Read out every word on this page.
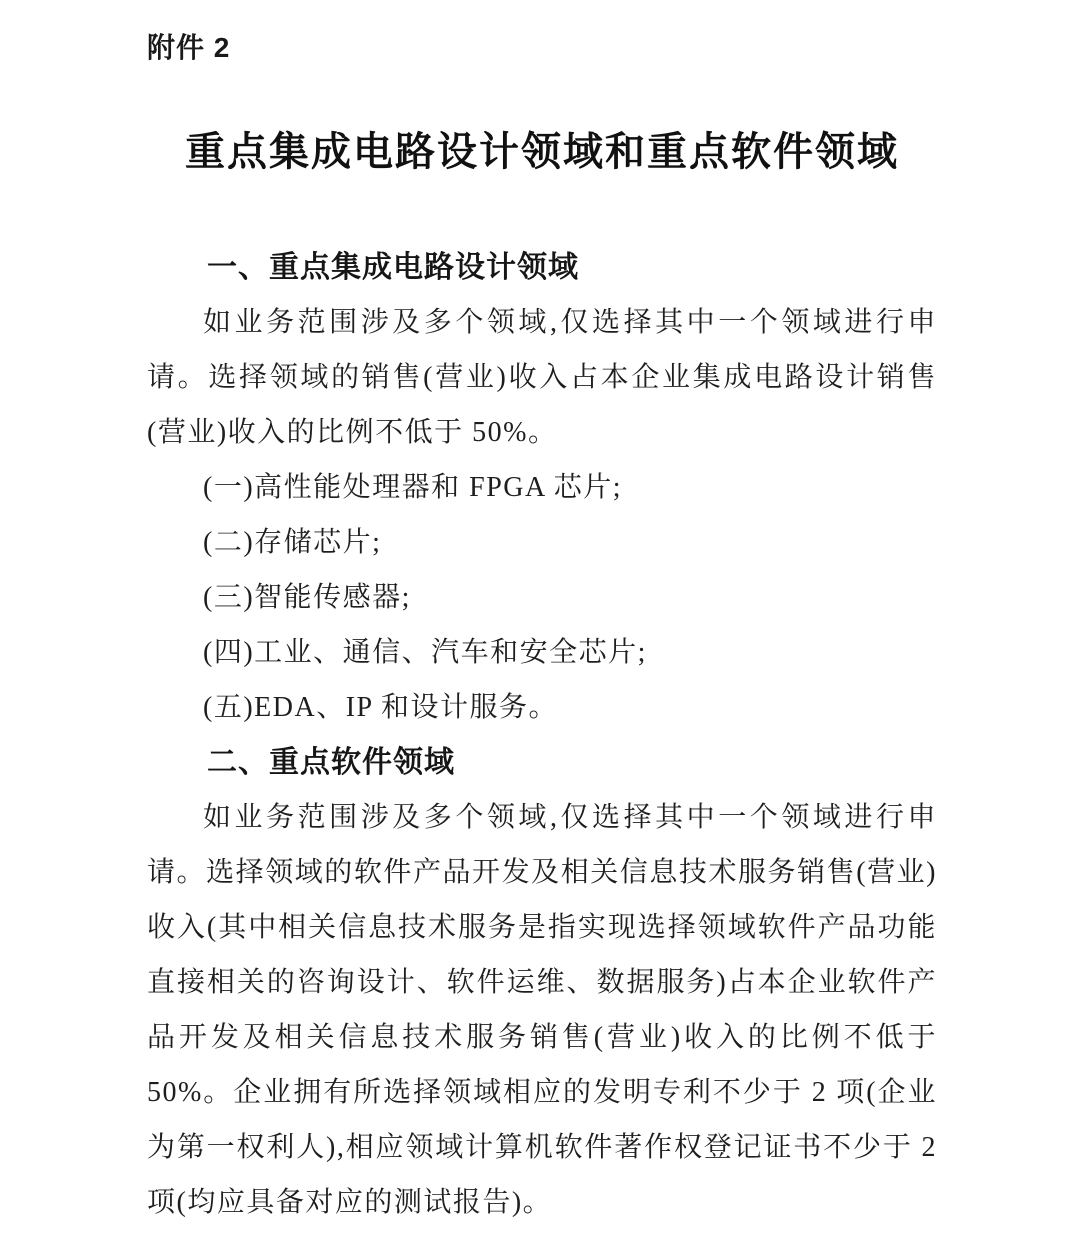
附件 2
重点集成电路设计领域和重点软件领域
一、重点集成电路设计领域

如业务范围涉及多个领域,仅选择其中一个领域进行申请。选择领域的销售(营业)收入占本企业集成电路设计销售(营业)收入的比例不低于 50%。

(一)高性能处理器和 FPGA 芯片;

(二)存储芯片;

(三)智能传感器;

(四)工业、通信、汽车和安全芯片;

(五)EDA、IP 和设计服务。

二、重点软件领域

如业务范围涉及多个领域,仅选择其中一个领域进行申请。选择领域的软件产品开发及相关信息技术服务销售(营业)收入(其中相关信息技术服务是指实现选择领域软件产品功能直接相关的咨询设计、软件运维、数据服务)占本企业软件产品开发及相关信息技术服务销售(营业)收入的比例不低于 50%。企业拥有所选择领域相应的发明专利不少于 2 项(企业为第一权利人),相应领域计算机软件著作权登记证书不少于 2 项(均应具备对应的测试报告)。
